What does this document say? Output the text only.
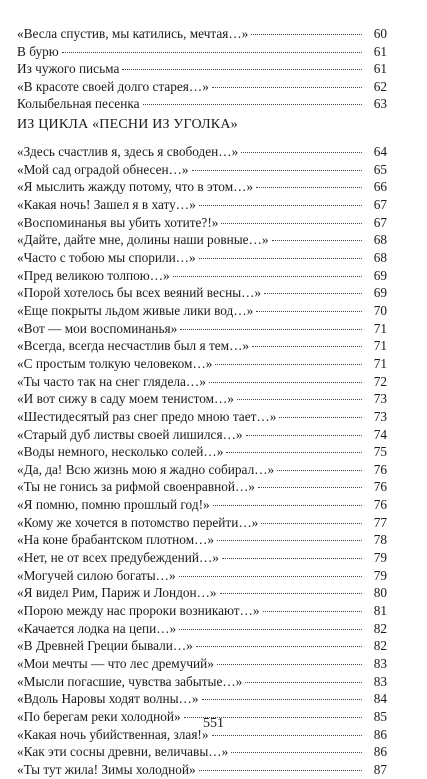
«Весла спустив, мы катились, мечтая…»	60
В бурю	61
Из чужого письма	61
«В красоте своей долго старея…»	62
Колыбельная песенка	63
ИЗ ЦИКЛА «ПЕСНИ ИЗ УГОЛКА»
«Здесь счастлив я, здесь я свободен…»	64
«Мой сад оградой обнесен…»	65
«Я мыслить жажду потому, что в этом…»	66
«Какая ночь! Зашел я в хату…»	67
«Воспоминанья вы убить хотите?!»	67
«Дайте, дайте мне, долины наши ровные…»	68
«Часто с тобою мы спорили…»	68
«Пред великою толпою…»	69
«Порой хотелось бы всех веяний весны…»	69
«Еще покрыты льдом живые лики вод…»	70
«Вот — мои воспоминанья»	71
«Всегда, всегда несчастлив был я тем…»	71
«С простым толкую человеком…»	71
«Ты часто так на снег глядела…»	72
«И вот сижу в саду моем тенистом…»	73
«Шестидесятый раз снег предо мною тает…»	73
«Старый дуб листвы своей лишился…»	74
«Воды немного, несколько солей…»	75
«Да, да! Всю жизнь мою я жадно собирал…»	76
«Ты не гонись за рифмой своенравной…»	76
«Я помню, помню прошлый год!»	76
«Кому же хочется в потомство перейти…»	77
«На коне брабантском плотном…»	78
«Нет, не от всех предубеждений…»	79
«Могучей силою богаты…»	79
«Я видел Рим, Париж и Лондон…»	80
«Порою между нас пророки возникают…»	81
«Качается лодка на цепи…»	82
«В Древней Греции бывали…»	82
«Мои мечты — что лес дремучий»	83
«Мысли погасшие, чувства забытые…»	83
«Вдоль Наровы ходят волны…»	84
«По берегам реки холодной»	85
«Какая ночь убийственная, злая!»	86
«Как эти сосны древни, величавы…»	86
«Ты тут жила! Зимы холодной»	87
551
